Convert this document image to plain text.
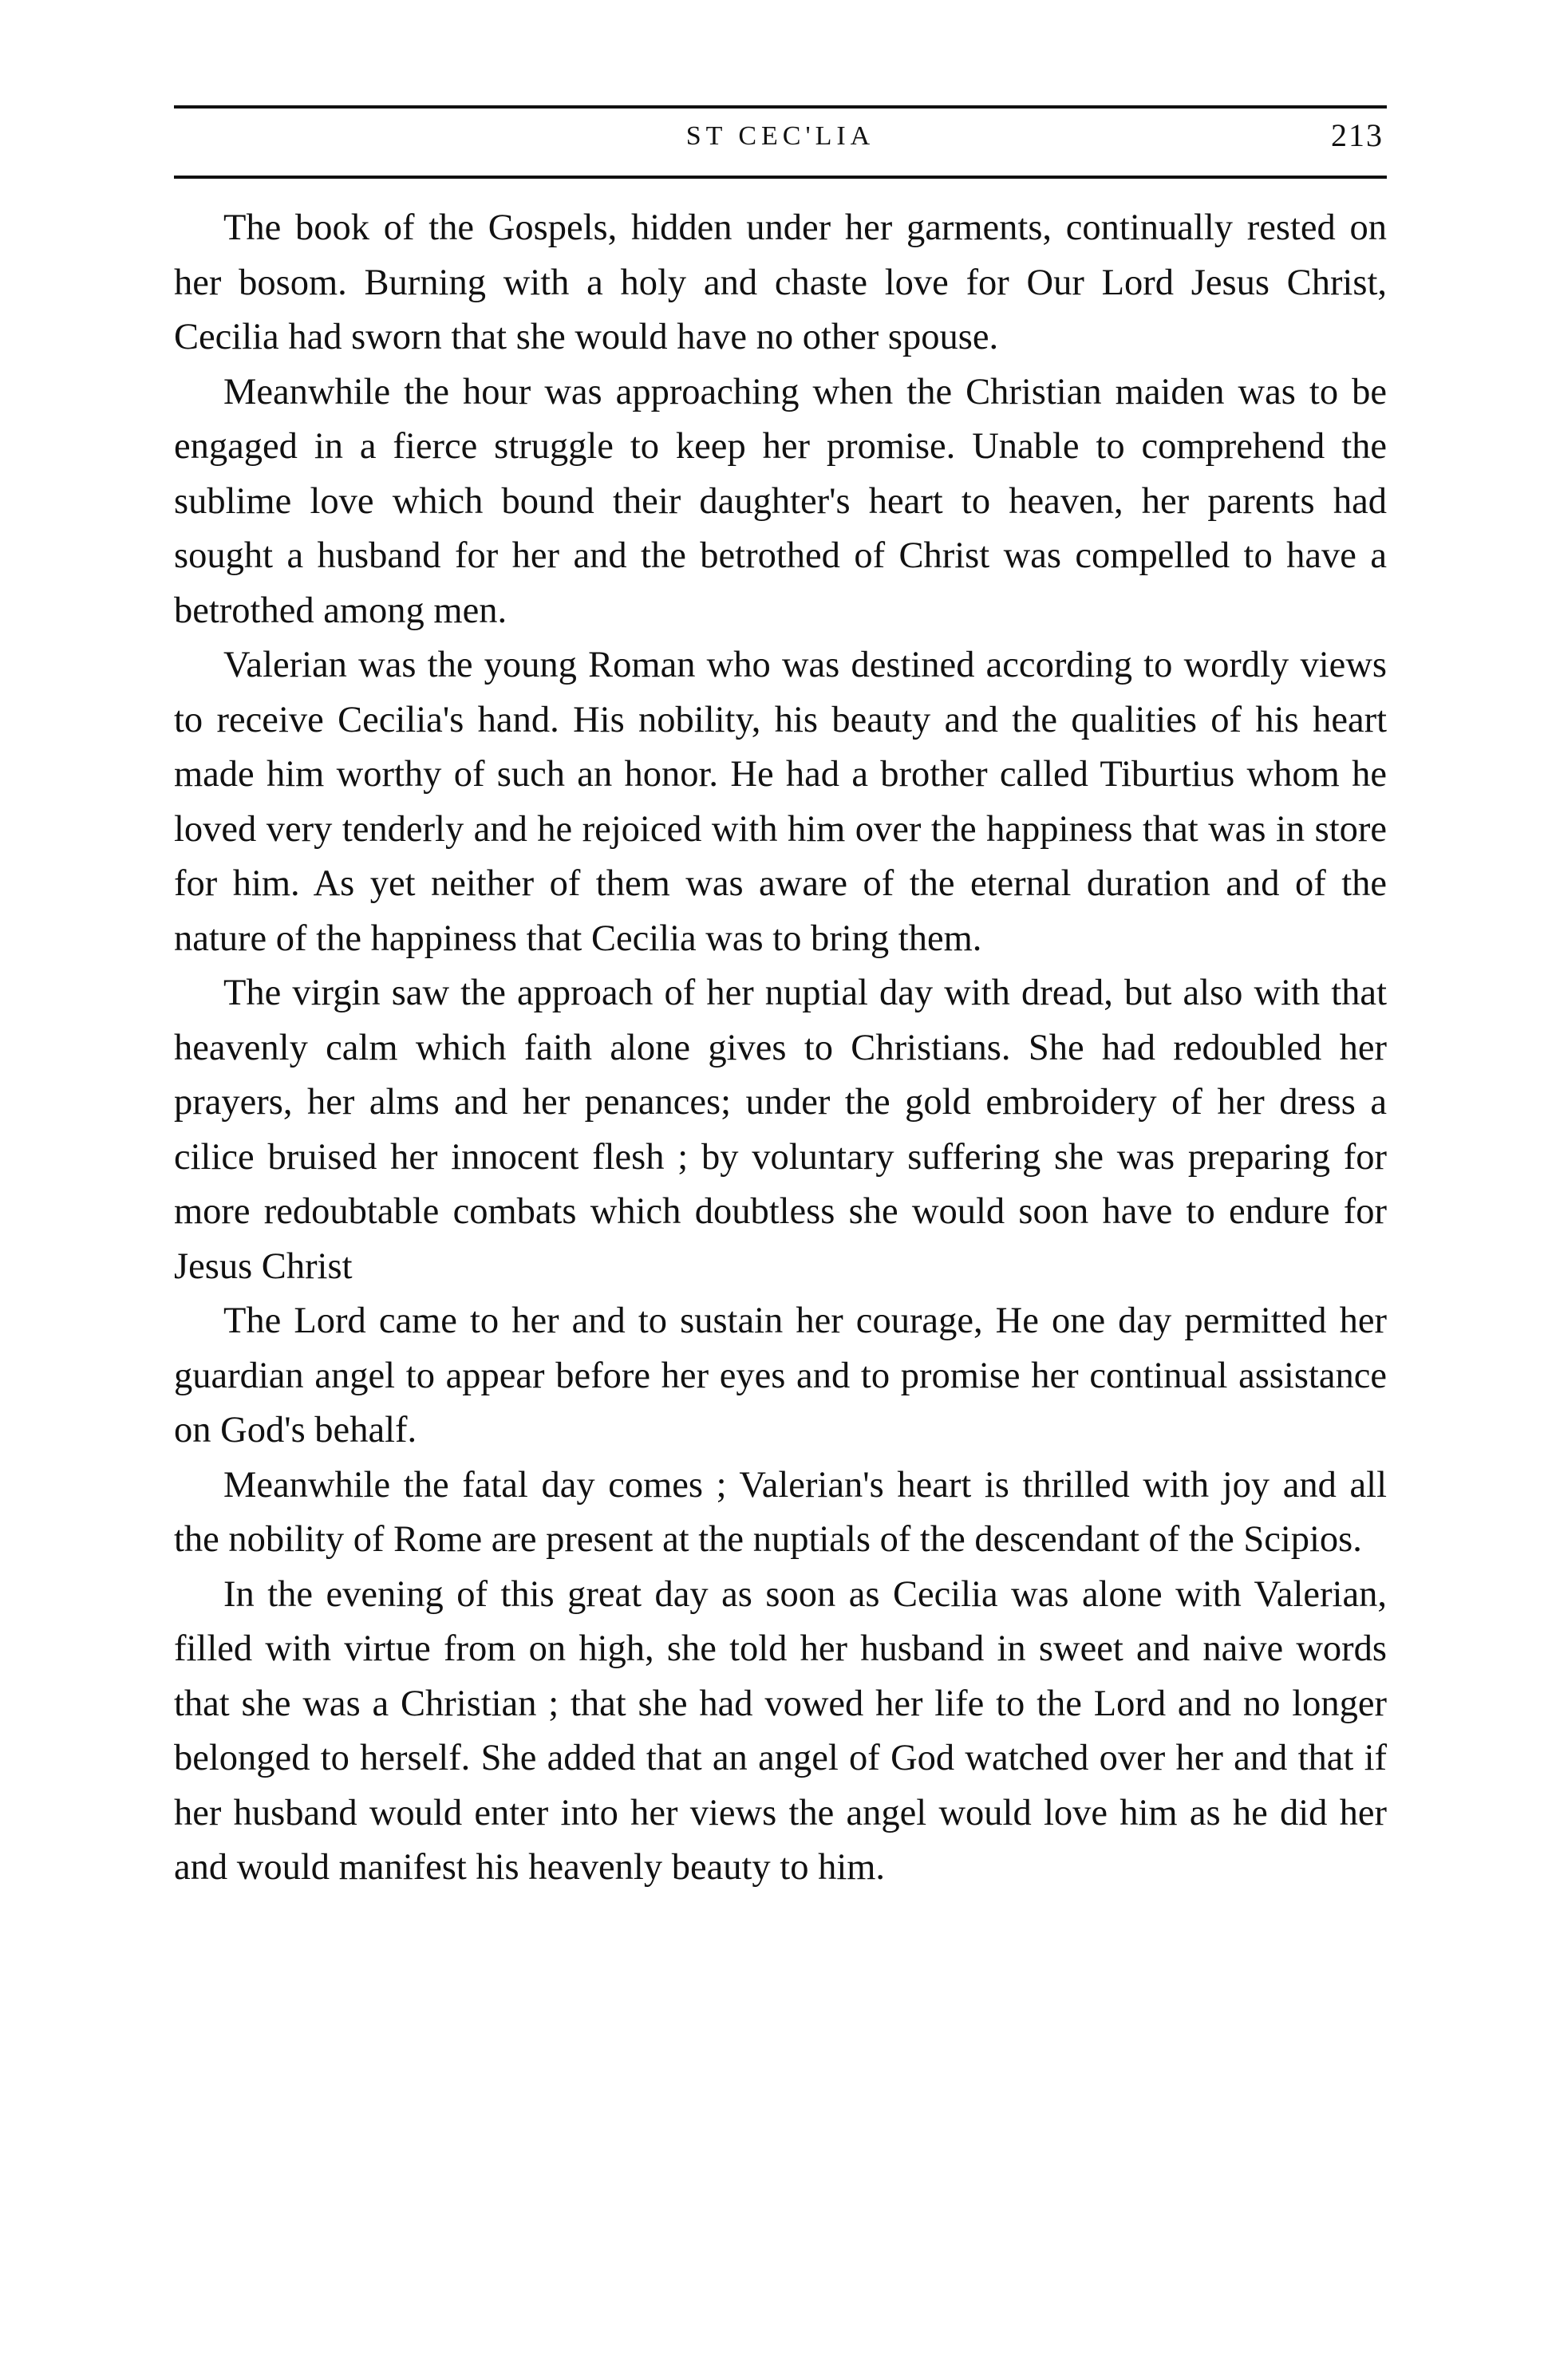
ST CEC'LIA	213

The book of the Gospels, hidden under her garments, continually rested on her bosom. Burning with a holy and chaste love for Our Lord Jesus Christ, Cecilia had sworn that she would have no other spouse.

Meanwhile the hour was approaching when the Christian maiden was to be engaged in a fierce struggle to keep her promise. Unable to comprehend the sublime love which bound their daughter's heart to heaven, her parents had sought a husband for her and the betrothed of Christ was compelled to have a betrothed among men.

Valerian was the young Roman who was destined according to wordly views to receive Cecilia's hand. His nobility, his beauty and the qualities of his heart made him worthy of such an honor. He had a brother called Tiburtius whom he loved very tenderly and he rejoiced with him over the happiness that was in store for him. As yet neither of them was aware of the eternal duration and of the nature of the happiness that Cecilia was to bring them.

The virgin saw the approach of her nuptial day with dread, but also with that heavenly calm which faith alone gives to Christians. She had redoubled her prayers, her alms and her penances; under the gold embroidery of her dress a cilice bruised her innocent flesh ; by voluntary suffering she was preparing for more redoubtable combats which doubtless she would soon have to endure for Jesus Christ

The Lord came to her and to sustain her courage, He one day permitted her guardian angel to appear before her eyes and to promise her continual assistance on God's behalf.

Meanwhile the fatal day comes ; Valerian's heart is thrilled with joy and all the nobility of Rome are present at the nuptials of the descendant of the Scipios.

In the evening of this great day as soon as Cecilia was alone with Valerian, filled with virtue from on high, she told her husband in sweet and naive words that she was a Christian ; that she had vowed her life to the Lord and no longer belonged to herself. She added that an angel of God watched over her and that if her husband would enter into her views the angel would love him as he did her and would manifest his heavenly beauty to him.
